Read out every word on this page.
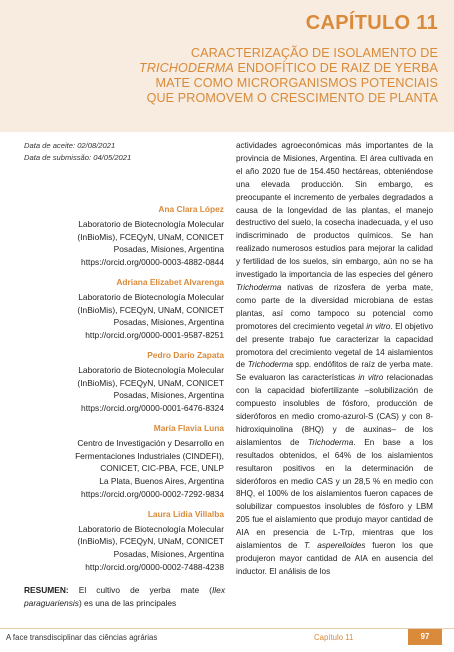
CAPÍTULO 11
CARACTERIZAÇÃO DE ISOLAMENTO DE
TRICHODERMA ENDOFÍTICO DE RAIZ DE YERBA
MATE COMO MICRORGANISMOS POTENCIAIS
QUE PROMOVEM O CRESCIMENTO DE PLANTA
Data de aceite: 02/08/2021
Data de submissão: 04/05/2021
Ana Clara López
Laboratorio de Biotecnología Molecular
(InBioMis), FCEQyN, UNaM, CONICET
Posadas, Misiones, Argentina
https://orcid.org/0000-0003-4882-0844
Adriana Elizabet Alvarenga
Laboratorio de Biotecnología Molecular
(InBioMis), FCEQyN, UNaM, CONICET
Posadas, Misiones, Argentina
http://orcid.org/0000-0001-9587-8251
Pedro Darío Zapata
Laboratorio de Biotecnología Molecular
(InBioMis), FCEQyN, UNaM, CONICET
Posadas, Misiones, Argentina
https://orcid.org/0000-0001-6476-8324
María Flavia Luna
Centro de Investigación y Desarrollo en
Fermentaciones Industriales (CINDEFI),
CONICET, CIC-PBA, FCE, UNLP
La Plata, Buenos Aires, Argentina
https://orcid.org/0000-0002-7292-9834
Laura Lidia Villalba
Laboratorio de Biotecnología Molecular
(InBioMis), FCEQyN, UNaM, CONICET
Posadas, Misiones, Argentina
http://orcid.org/0000-0002-7488-4238
RESUMEN: El cultivo de yerba mate (Ilex paraguariensis) es una de las principales
actividades agroeconómicas más importantes de la provincia de Misiones, Argentina. El área cultivada en el año 2020 fue de 154.450 hectáreas, obteniéndose una elevada producción. Sin embargo, es preocupante el incremento de yerbales degradados a causa de la longevidad de las plantas, el manejo destructivo del suelo, la cosecha inadecuada, y el uso indiscriminado de productos químicos. Se han realizado numerosos estudios para mejorar la calidad y fertilidad de los suelos, sin embargo, aún no se ha investigado la importancia de las especies del género Trichoderma nativas de rizosfera de yerba mate, como parte de la diversidad microbiana de estas plantas, así como tampoco su potencial como promotores del crecimiento vegetal in vitro. El objetivo del presente trabajo fue caracterizar la capacidad promotora del crecimiento vegetal de 14 aislamientos de Trichoderma spp. endófitos de raíz de yerba mate. Se evaluaron las características in vitro relacionadas con la capacidad biofertilizante –solubilización de compuesto insolubles de fósforo, producción de sideróforos en medio cromo-azurol-S (CAS) y con 8-hidroxiquinolina (8HQ) y de auxinas– de los aislamientos de Trichoderma. En base a los resultados obtenidos, el 64% de los aislamientos resultaron positivos en la determinación de sideróforos en medio CAS y un 28,5 % en medio con 8HQ, el 100% de los aislamientos fueron capaces de solubilizar compuestos insolubles de fósforo y LBM 205 fue el aislamiento que produjo mayor cantidad de AIA en presencia de L-Trp, mientras que los aislamientos de T. asperelloides fueron los que produjeron mayor cantidad de AIA en ausencia del inductor. El análisis de los
A face transdisciplinar das ciências agrárias	Capítulo 11	97
